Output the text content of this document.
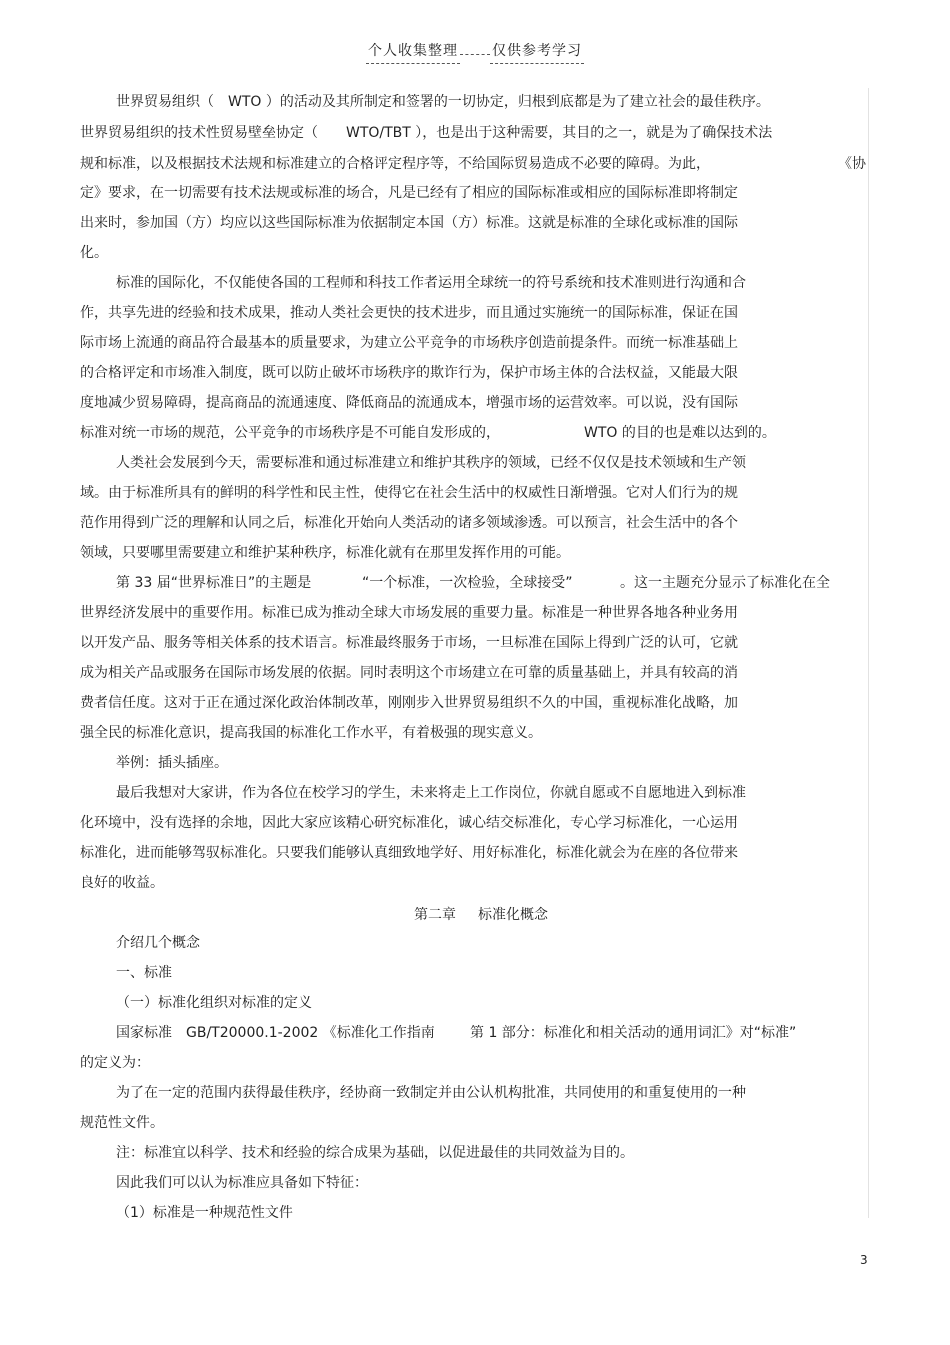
个人收集整理 仅供参考学习
世界贸易组织（　WTO ）的活动及其所制定和签署的一切协定，归根到底都是为了建立社会的最佳秩序。
世界贸易组织的技术性贸易壁垒协定（　　WTO/TBT ），也是出于这种需要，其目的之一，就是为了确保技术法
规和标准，以及根据技术法规和标准建立的合格评定程序等，不给国际贸易造成不必要的障碍。为此，	《协
定》要求，在一切需要有技术法规或标准的场合，凡是已经有了相应的国际标准或相应的国际标准即将制定
出来时，参加国（方）均应以这些国际标准为依据制定本国（方）标准。这就是标准的全球化或标准的国际
化。
标准的国际化，不仅能使各国的工程师和科技工作者运用全球统一的符号系统和技术准则进行沟通和合
作，共享先进的经验和技术成果，推动人类社会更快的技术进步，而且通过实施统一的国际标准，保证在国
际市场上流通的商品符合最基本的质量要求，为建立公平竞争的市场秩序创造前提条件。而统一标准基础上
的合格评定和市场准入制度，既可以防止破坏市场秩序的欺诈行为，保护市场主体的合法权益，又能最大限
度地减少贸易障碍，提高商品的流通速度、降低商品的流通成本，增强市场的运营效率。可以说，没有国际
标准对统一市场的规范，公平竞争的市场秩序是不可能自发形成的，	WTO 的目的也是难以达到的。
人类社会发展到今天，需要标准和通过标准建立和维护其秩序的领域，已经不仅仅是技术领域和生产领
域。由于标准所具有的鲜明的科学性和民主性，使得它在社会生活中的权威性日渐增强。它对人们行为的规
范作用得到广泛的理解和认同之后，标准化开始向人类活动的诸多领域渗透。可以预言，社会生活中的各个
领域，只要哪里需要建立和维护某种秩序，标准化就有在那里发挥作用的可能。
第 33 届“世界标准日”的主题是	“一个标准，一次检验，全球接受”	。这一主题充分显示了标准化在全
世界经济发展中的重要作用。标准已成为推动全球大市场发展的重要力量。标准是一种世界各地各种业务用
以开发产品、服务等相关体系的技术语言。标准最终服务于市场，一旦标准在国际上得到广泛的认可，它就
成为相关产品或服务在国际市场发展的依据。同时表明这个市场建立在可靠的质量基础上，并具有较高的消
费者信任度。这对于正在通过深化政治体制改革，刚刚步入世界贸易组织不久的中国，重视标准化战略，加
强全民的标准化意识，提高我国的标准化工作水平，有着极强的现实意义。
举例：插头插座。
最后我想对大家讲，作为各位在校学习的学生，未来将走上工作岗位，你就自愿或不自愿地进入到标准
化环境中，没有选择的余地，因此大家应该精心研究标准化，诚心结交标准化，专心学习标准化，一心运用
标准化，进而能够驾驭标准化。只要我们能够认真细致地学好、用好标准化，标准化就会为在座的各位带来
良好的收益。
第二章 标准化概念
介绍几个概念
一、标准
（一）标准化组织对标准的定义
国家标准　GB/T20000.1-2002 《标准化工作指南	第 1 部分：标准化和相关活动的通用词汇》对“标准”
的定义为：
为了在一定的范围内获得最佳秩序，经协商一致制定并由公认机构批准，共同使用的和重复使用的一种
规范性文件。
注：标准宜以科学、技术和经验的综合成果为基础，以促进最佳的共同效益为目的。
因此我们可以认为标准应具备如下特征：
（1）标准是一种规范性文件
3
